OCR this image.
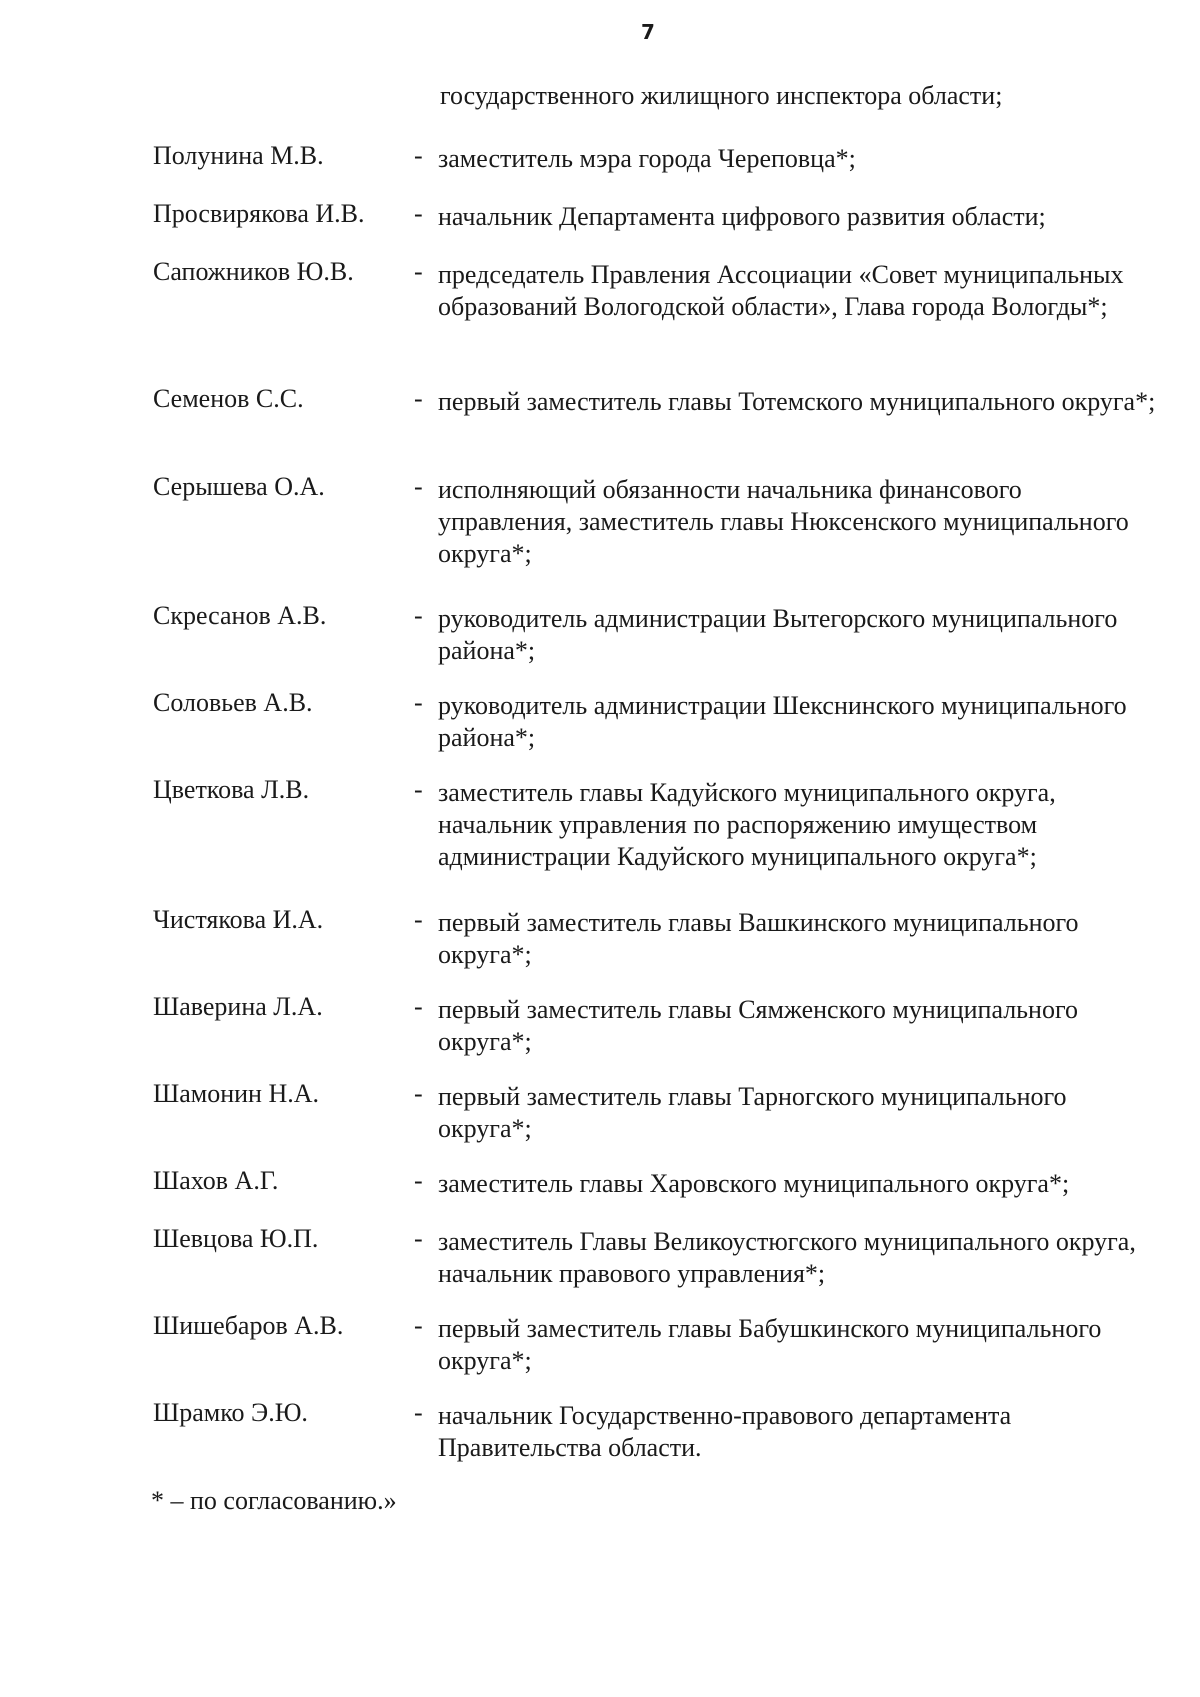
7
государственного жилищного инспектора области;
Полунина М.В.	- заместитель мэра города Череповца*;
Просвирякова И.В. - начальник Департамента цифрового развития области;
Сапожников Ю.В. - председатель Правления Ассоциации «Совет муниципальных образований Вологодской области», Глава города Вологды*;
Семенов С.С.	- первый заместитель главы Тотемского муниципального округа*;
Серышева О.А.	- исполняющий обязанности начальника финансового управления, заместитель главы Нюксенского муниципального округа*;
Скресанов А.В.	- руководитель администрации Вытегорского муниципального района*;
Соловьев А.В.	- руководитель администрации Шекснинского муниципального района*;
Цветкова Л.В.	- заместитель главы Кадуйского муниципального округа, начальник управления по распоряжению имуществом администрации Кадуйского муниципального округа*;
Чистякова И.А.	- первый заместитель главы Вашкинского муниципального округа*;
Шаверина Л.А.	- первый заместитель главы Сямженского муниципального округа*;
Шамонин Н.А.	- первый заместитель главы Тарногского муниципального округа*;
Шахов А.Г.	- заместитель главы Харовского муниципального округа*;
Шевцова Ю.П.	- заместитель Главы Великоустюгского муниципального округа, начальник правового управления*;
Шишебаров А.В.	- первый заместитель главы Бабушкинского муниципального округа*;
Шрамко Э.Ю.	- начальник Государственно-правового департамента Правительства области.
* – по согласованию.»
